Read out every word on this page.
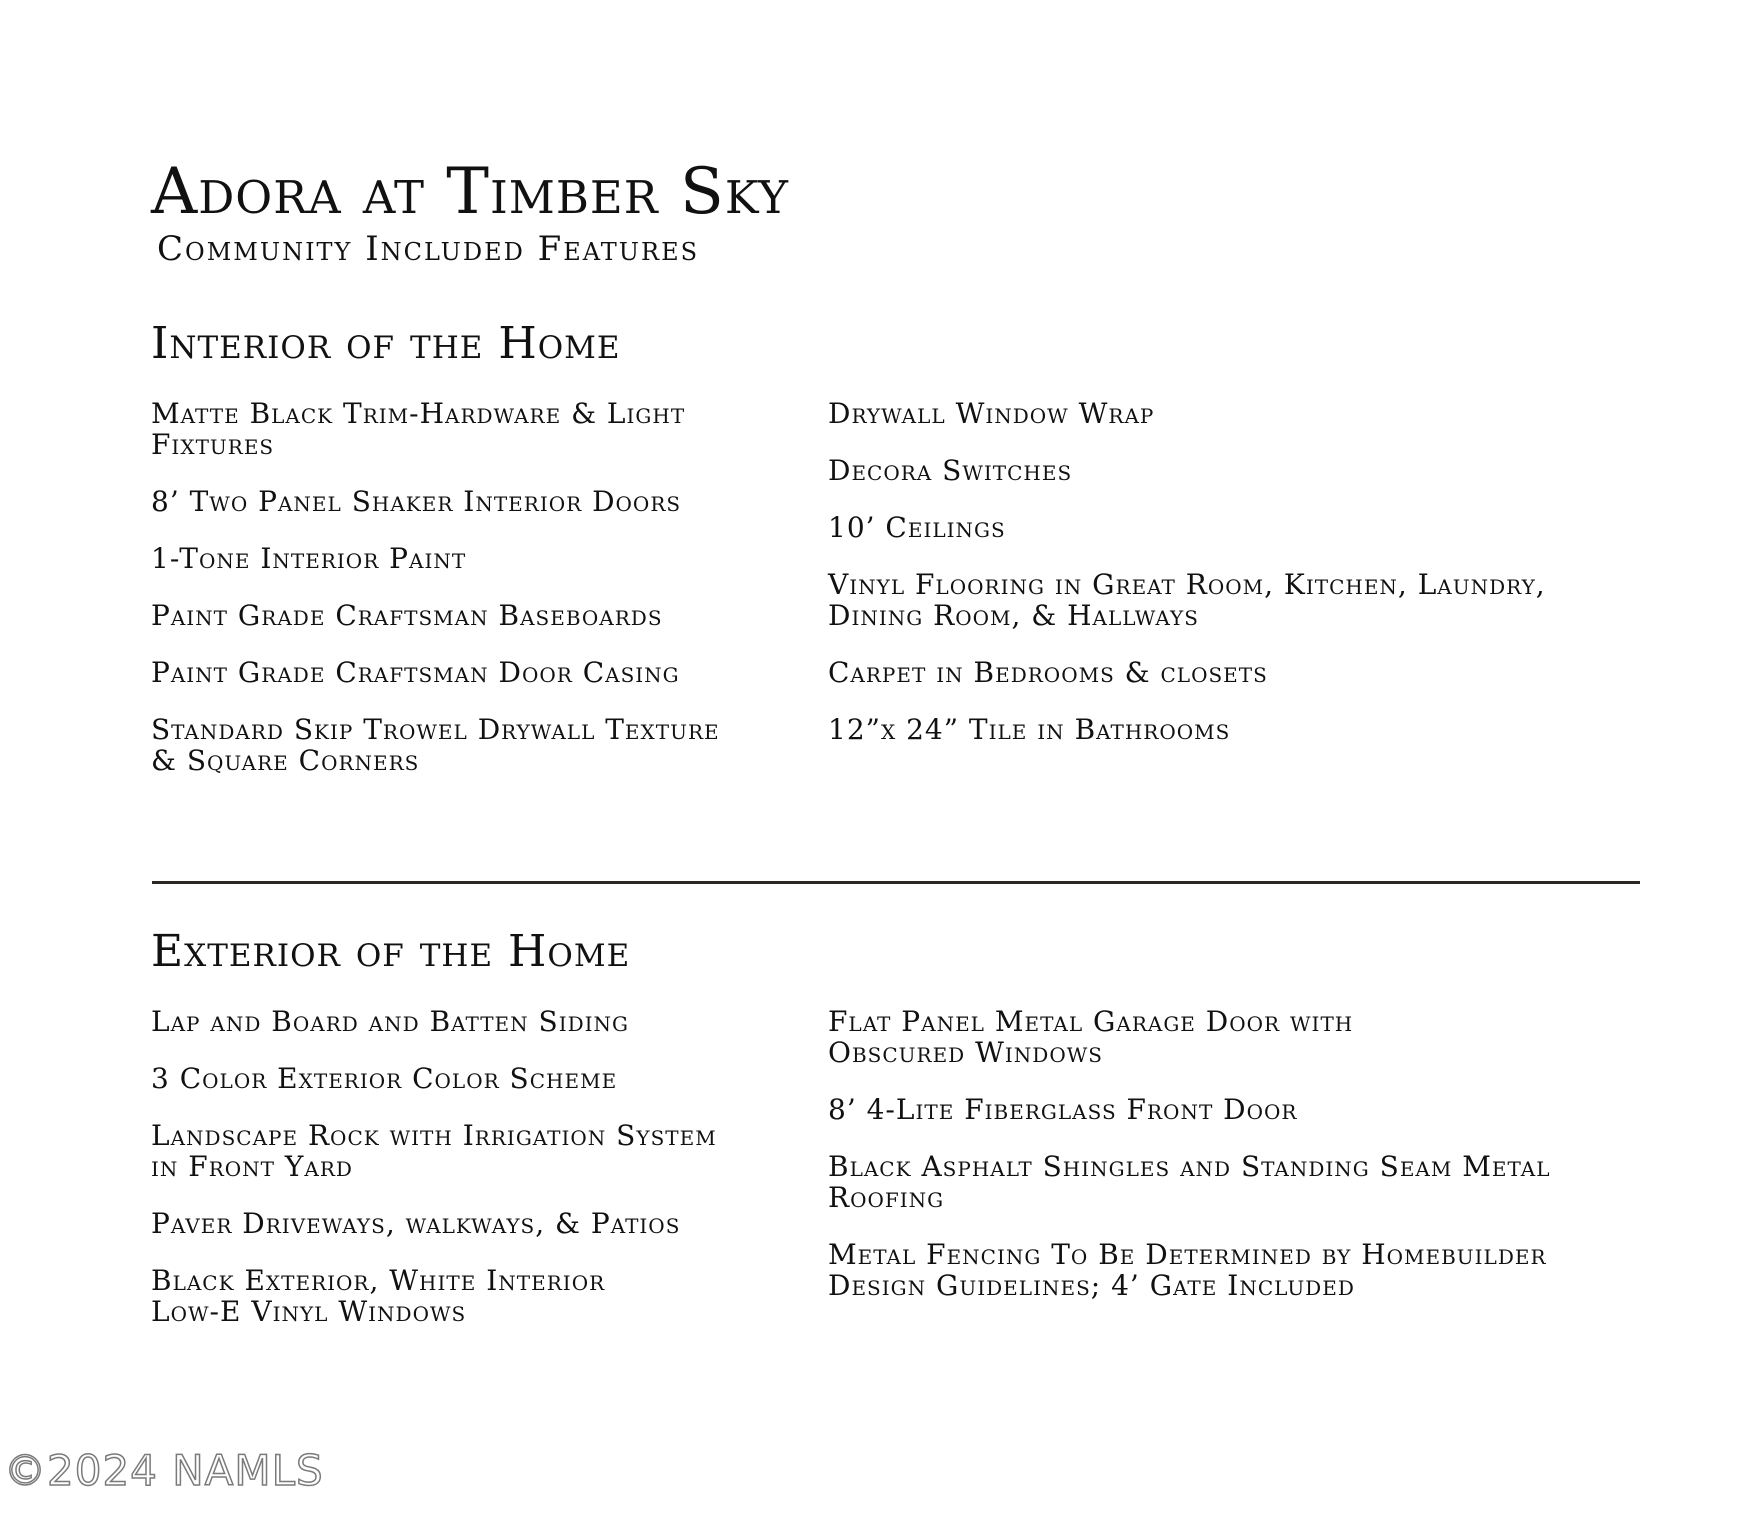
Adora at Timber Sky
Community Included Features
Interior of the Home

Matte Black Trim-Hardware & Light
Fixtures

8’ Two Panel Shaker Interior Doors

1-Tone Interior Paint

Paint Grade Craftsman Baseboards

Paint Grade Craftsman Door Casing

Standard Skip Trowel Drywall Texture
& Square Corners

Drywall Window Wrap

Decora Switches

10’ Ceilings

Vinyl Flooring in Great Room, Kitchen, Laundry,
Dining Room, & Hallways

Carpet in Bedrooms & closets

12”x 24” Tile in Bathrooms

Exterior of the Home

Lap and Board and Batten Siding

3 Color Exterior Color Scheme

Landscape Rock with Irrigation System
in Front Yard

Paver Driveways, walkways, & Patios

Black Exterior, White Interior
Low-E Vinyl Windows

Flat Panel Metal Garage Door with
Obscured Windows

8’ 4-Lite Fiberglass Front Door

Black Asphalt Shingles and Standing Seam Metal
Roofing

Metal Fencing To Be Determined by Homebuilder
Design Guidelines; 4’ Gate Included

©2024 NAMLS
